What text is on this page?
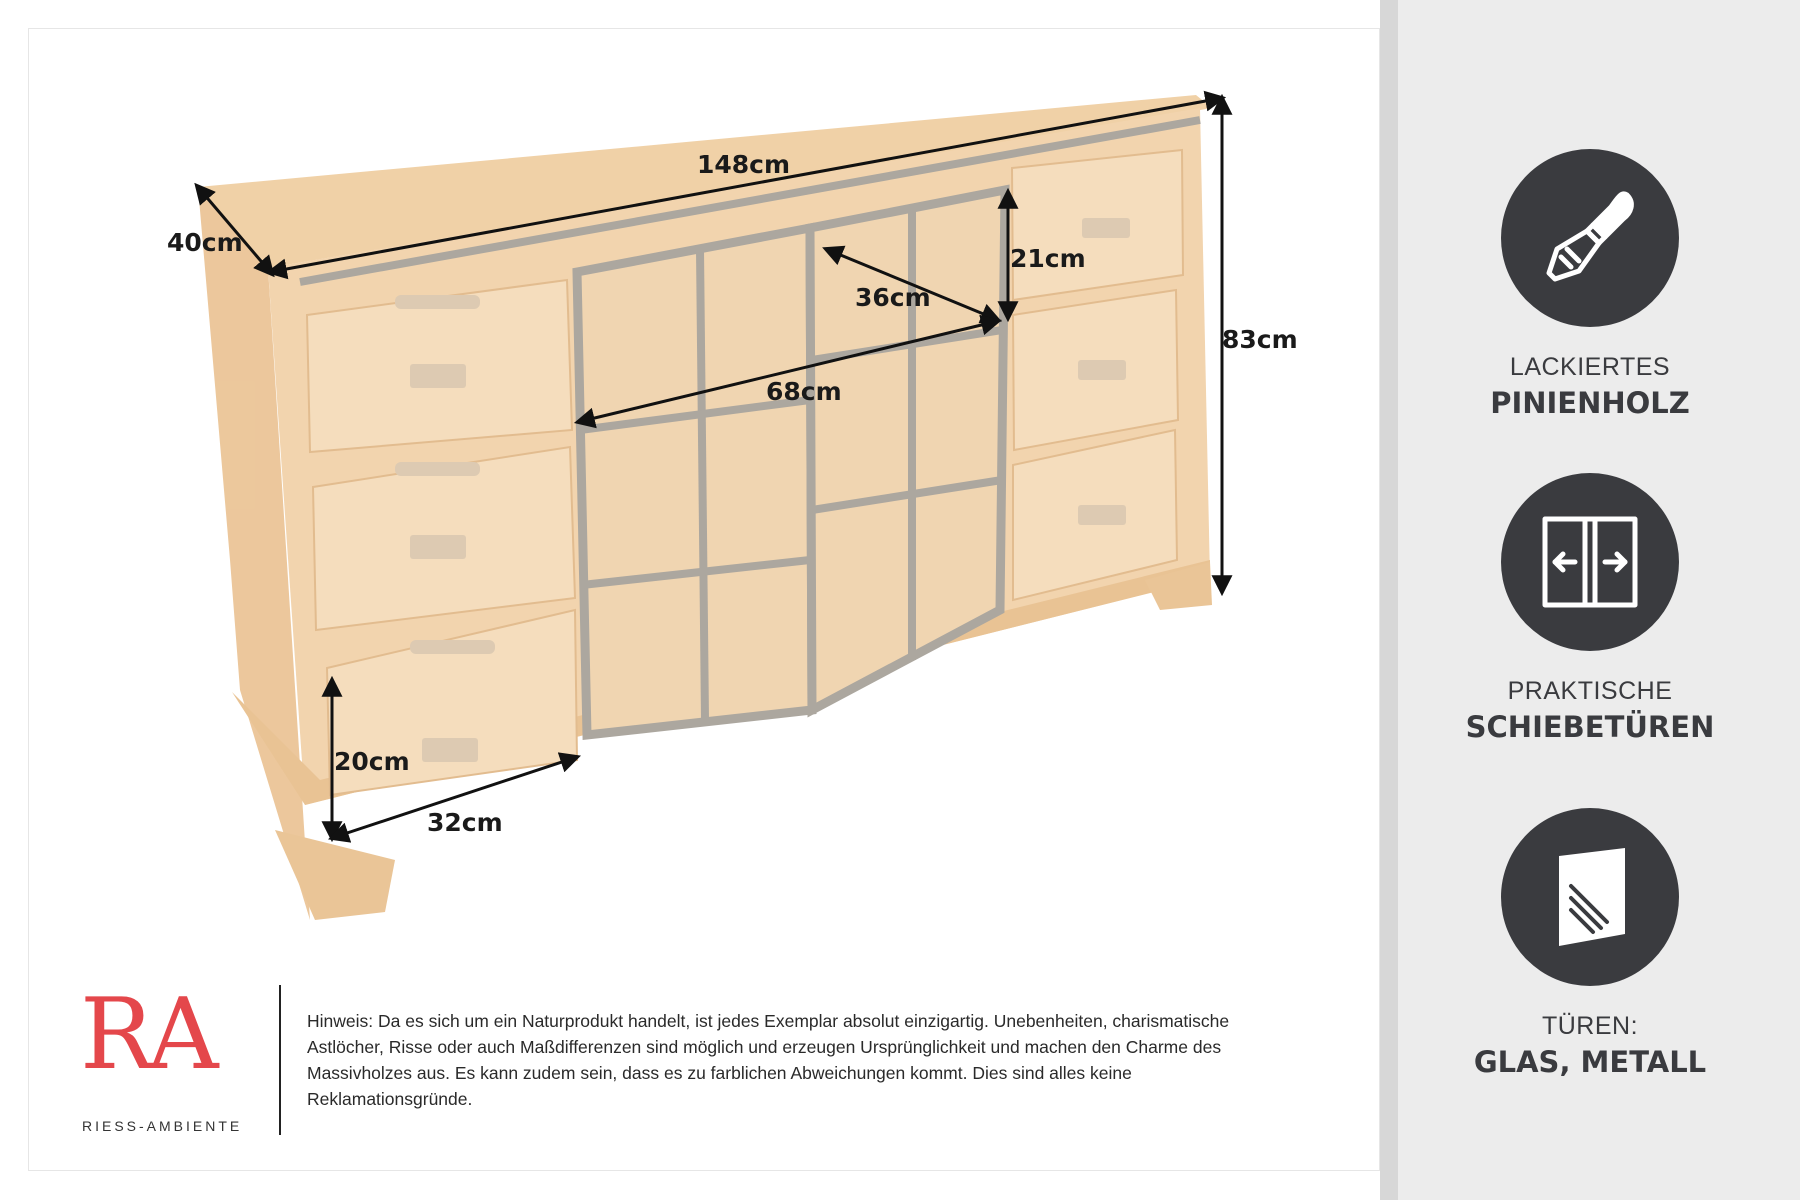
148cm
40cm
83cm
21cm
36cm
68cm
20cm
32cm
LACKIERTES
PINIENHOLZ
PRAKTISCHE
SCHIEBETÜREN
TÜREN:
GLAS, METALL
RA
RIESS-AMBIENTE
Hinweis: Da es sich um ein Naturprodukt handelt, ist jedes Exemplar absolut einzigartig. Unebenheiten, charismatische Astlöcher, Risse oder auch Maßdifferenzen sind möglich und erzeugen Ursprünglichkeit und machen den Charme des Massivholzes aus. Es kann zudem sein, dass es zu farblichen Abweichungen kommt. Dies sind alles keine Reklamationsgründe.
